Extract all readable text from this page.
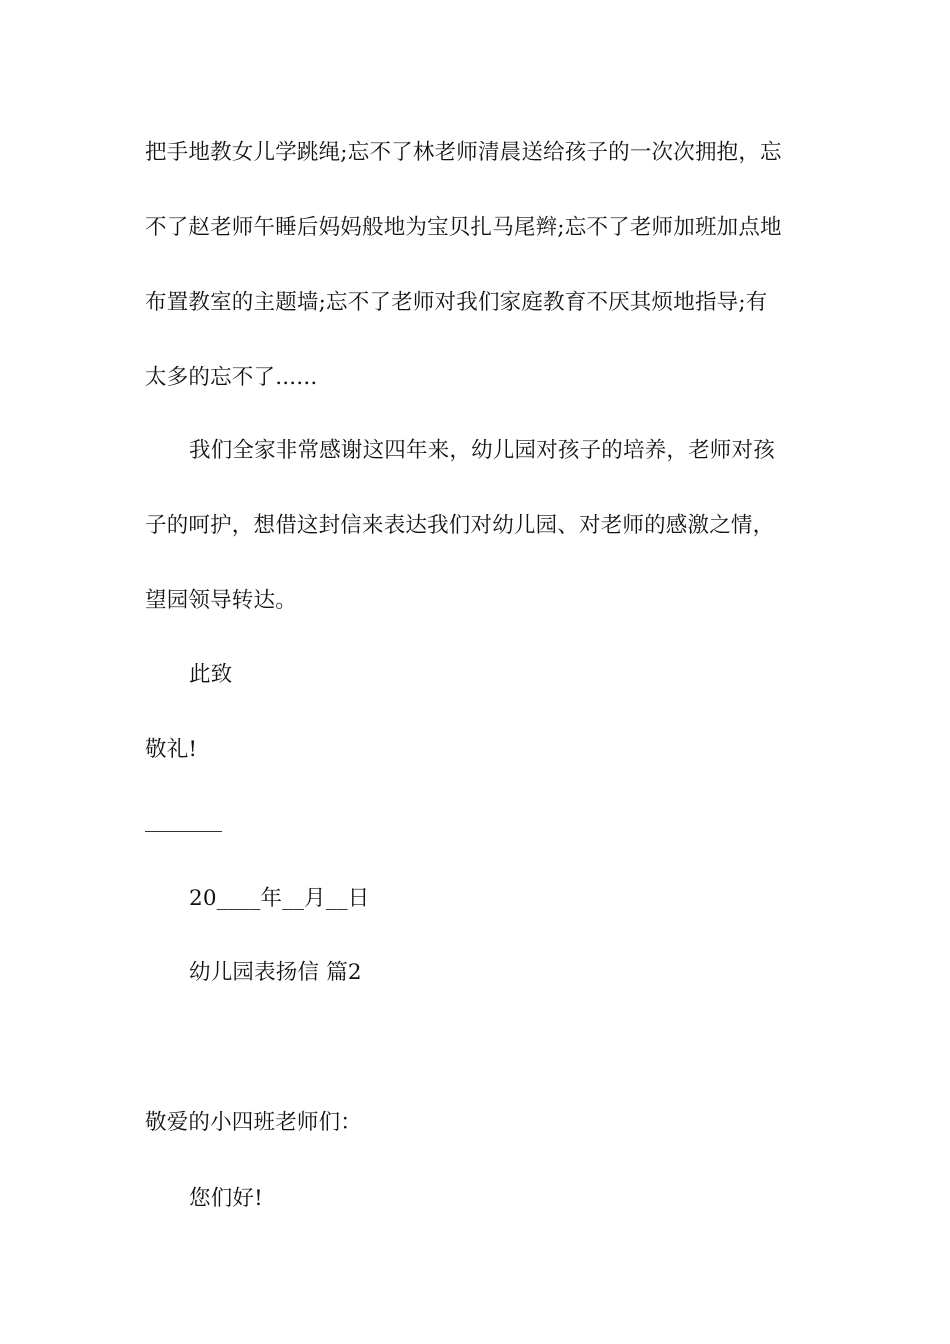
把手地教女儿学跳绳;忘不了林老师清晨送给孩子的一次次拥抱，忘
不了赵老师午睡后妈妈般地为宝贝扎马尾辫;忘不了老师加班加点地
布置教室的主题墙;忘不了老师对我们家庭教育不厌其烦地指导;有
太多的忘不了......
我们全家非常感谢这四年来，幼儿园对孩子的培养，老师对孩
子的呵护，想借这封信来表达我们对幼儿园、对老师的感激之情，
望园领导转达。
此致
敬礼!
20____年__月__日
幼儿园表扬信 篇2
敬爱的小四班老师们：
您们好!
